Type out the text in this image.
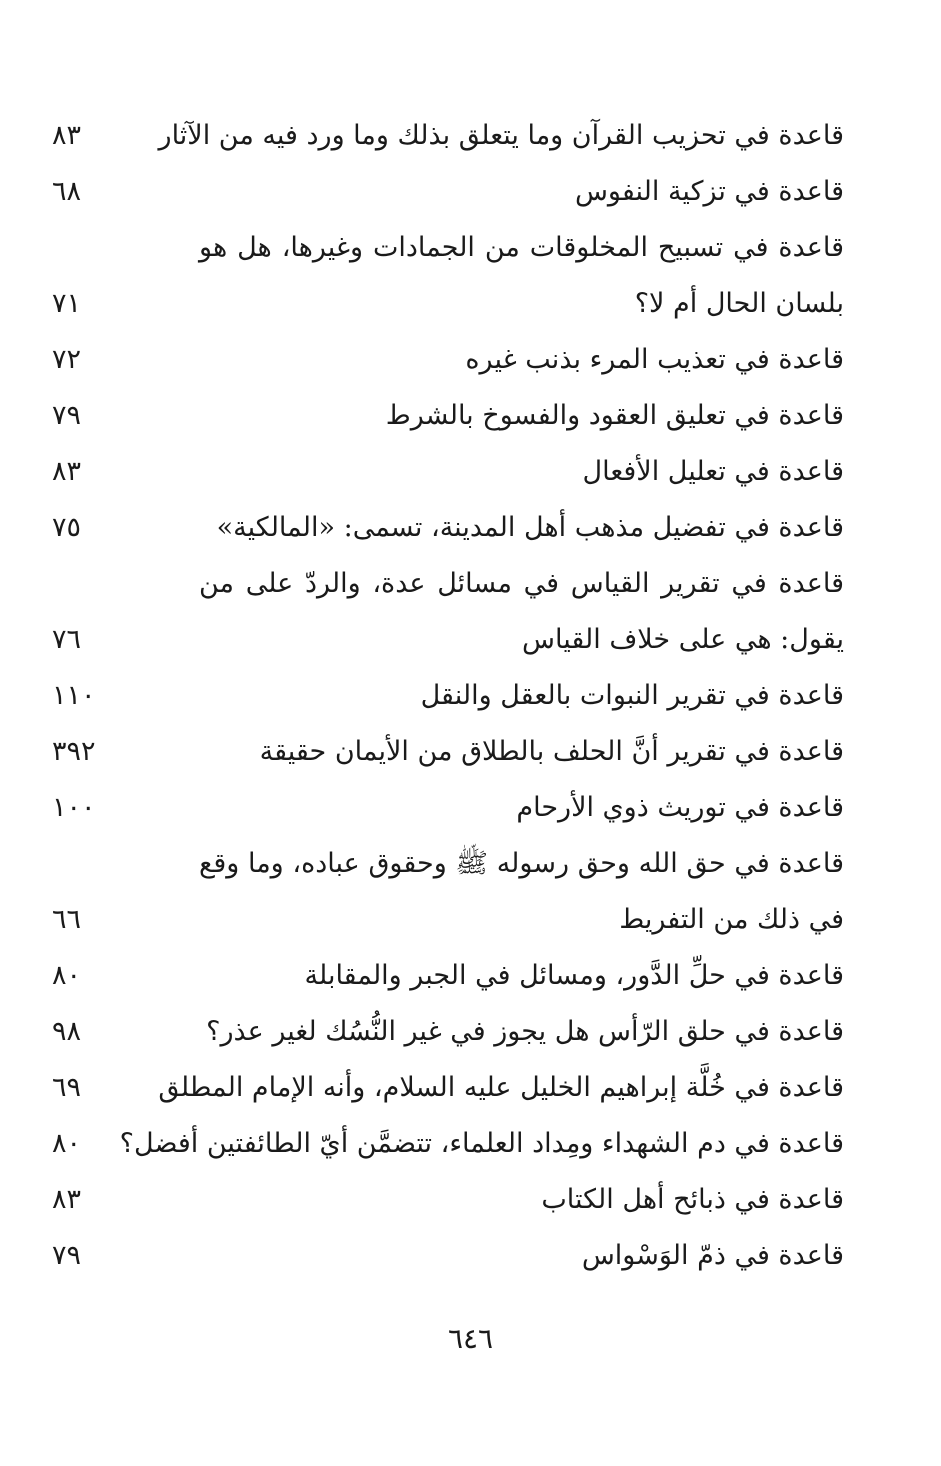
قاعدة في تحزيب القرآن وما يتعلق بذلك وما ورد فيه من الآثار
٨٣
قاعدة في تزكية النفوس
٦٨
قاعدة في تسبيح المخلوقات من الجمادات وغيرها، هل هو بلسان الحال أم لا؟
٧١
قاعدة في تعذيب المرء بذنب غيره
٧٢
قاعدة في تعليق العقود والفسوخ بالشرط
٧٩
قاعدة في تعليل الأفعال
٨٣
قاعدة في تفضيل مذهب أهل المدينة، تسمى: «المالكية»
٧٥
قاعدة في تقرير القياس في مسائل عدة، والردّ على من يقول: هي على خلاف القياس
٧٦
قاعدة في تقرير النبوات بالعقل والنقل
١١٠
قاعدة في تقرير أنَّ الحلف بالطلاق من الأيمان حقيقة
٣٩٢
قاعدة في توريث ذوي الأرحام
١٠٠
قاعدة في حق الله وحق رسوله ﷺ وحقوق عباده، وما وقع في ذلك من التفريط
٦٦
قاعدة في حلِّ الدَّور، ومسائل في الجبر والمقابلة
٨٠
قاعدة في حلق الرّأس هل يجوز في غير النُّسُك لغير عذر؟
٩٨
قاعدة في خُلَّة إبراهيم الخليل عليه السلام، وأنه الإمام المطلق
٦٩
قاعدة في دم الشهداء ومِداد العلماء، تتضمَّن أيّ الطائفتين أفضل؟
٨٠
قاعدة في ذبائح أهل الكتاب
٨٣
قاعدة في ذمّ الوَسْواس
٧٩
٦٤٦
